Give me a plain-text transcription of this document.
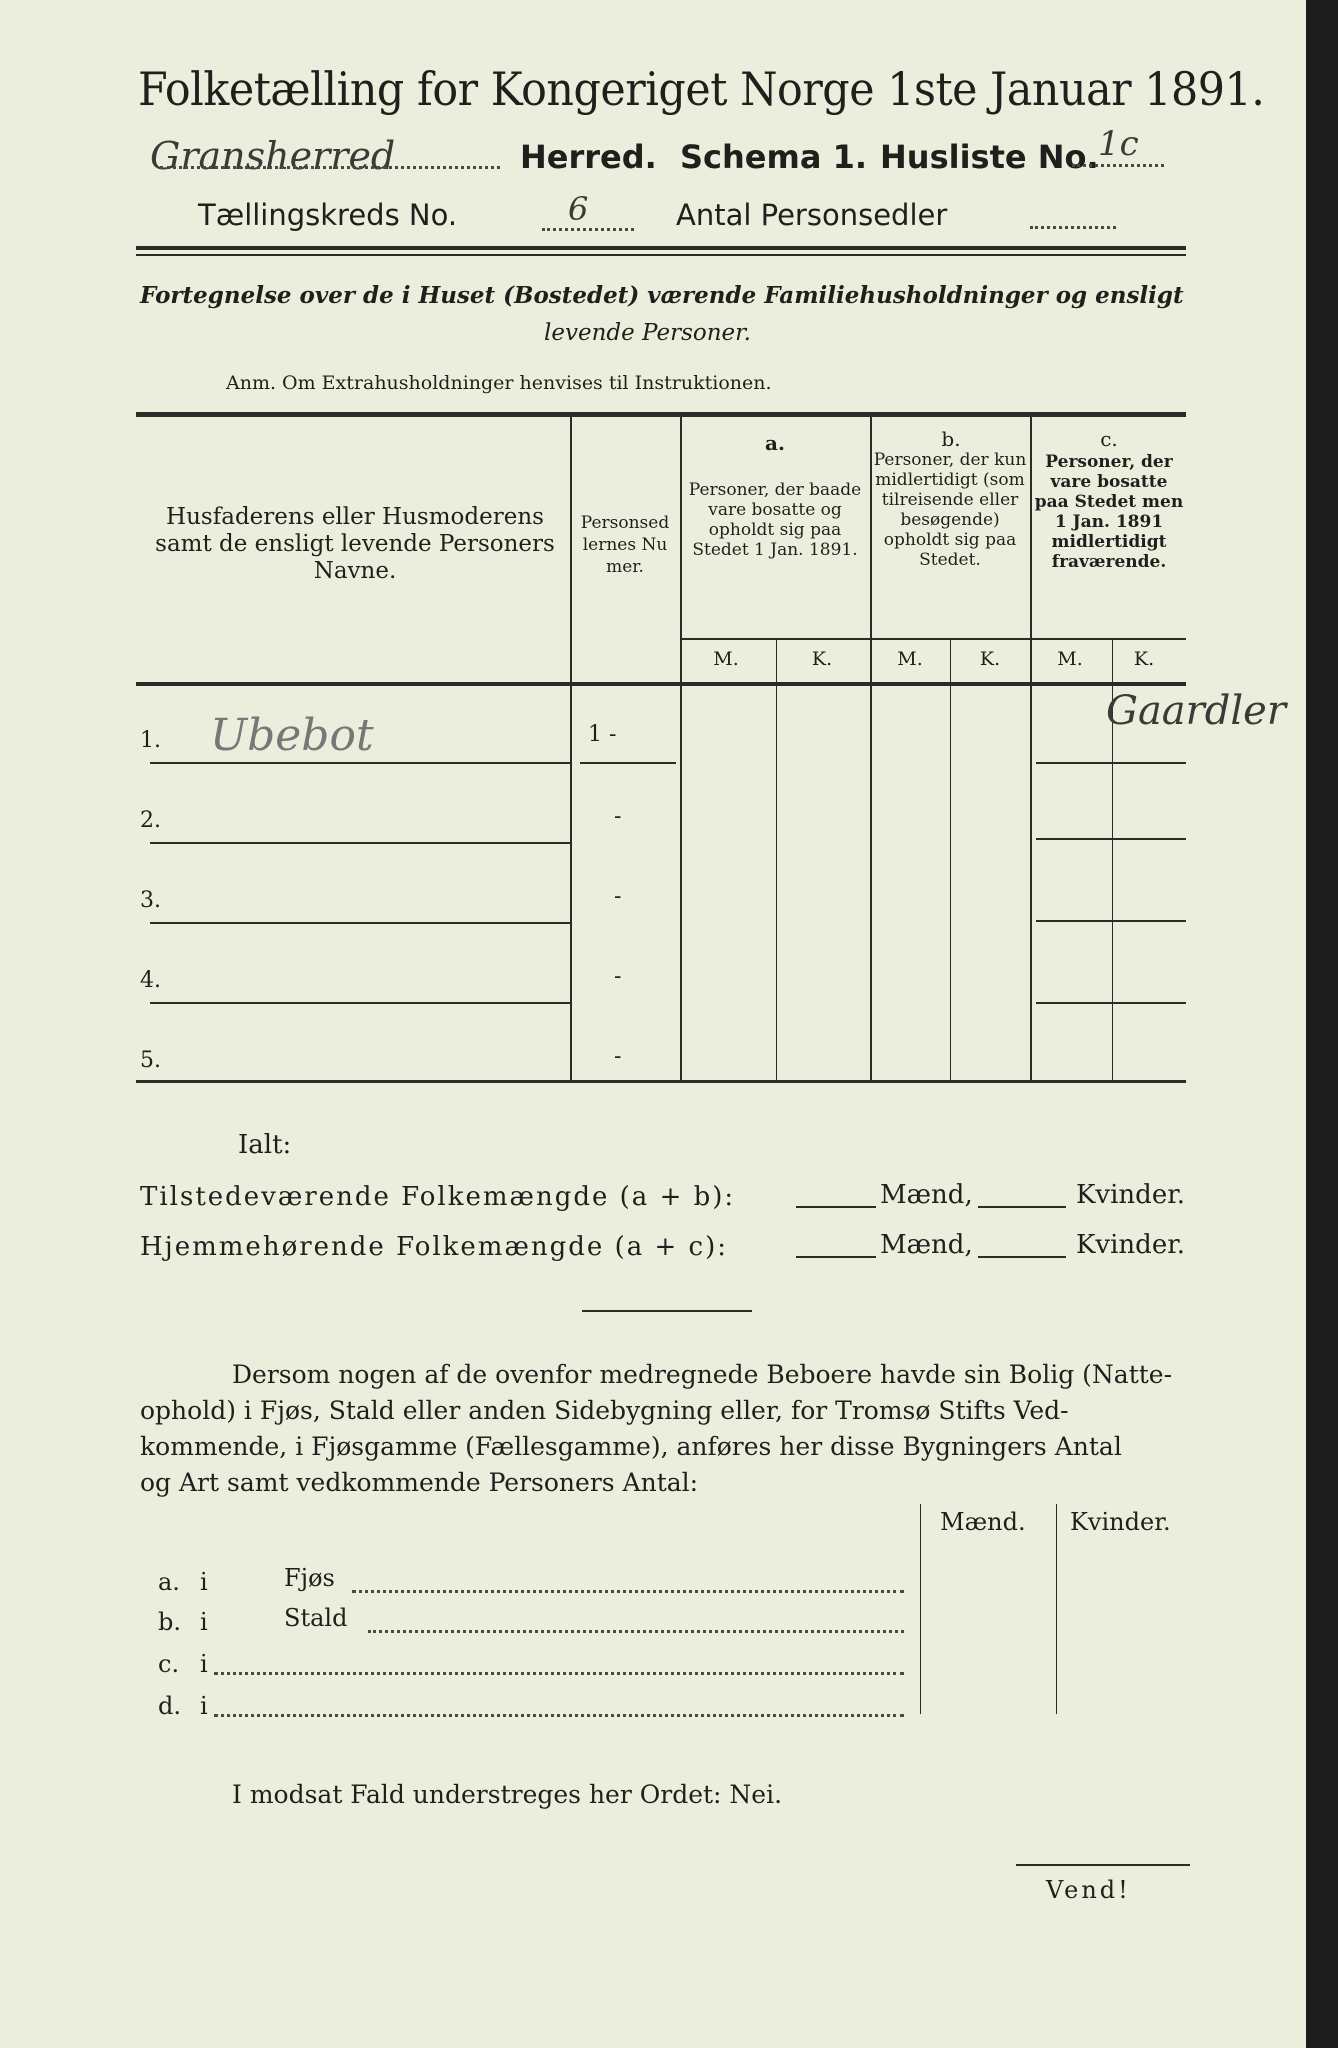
Folketælling for Kongeriget Norge 1ste Januar 1891.
Gransherred	Herred. Schema 1. Husliste No. 1c
Tællingskreds No.	6	Antal Personsedler
Fortegnelse over de i Huset (Bostedet) værende Familiehusholdninger og ensligt
levende Personer.
Anm. Om Extrahusholdninger henvises til Instruktionen.
Husfaderens eller Husmoderens samt de ensligt levende Personers Navne.
Personsedlernes Numer.
a.
Personer, der baade vare bosatte og opholdt sig paa Stedet 1 Jan. 1891.
b.
Personer, der kun midlertidigt (som tilreisende eller besøgende) opholdt sig paa Stedet.
c.
Personer, der vare bosatte paa Stedet men 1 Jan. 1891 midlertidigt fraværende.
M.	K.	M.	K.	M.	K.
1. Ubebot	1 -
Gaardler
2.	-
3.	-
4.	-
5.	-
Ialt:
Tilstedeværende Folkemængde (a + b):	Mænd,	Kvinder.
Hjemmehørende Folkemængde (a + c):	Mænd,	Kvinder.
Dersom nogen af de ovenfor medregnede Beboere havde sin Bolig (Natte-
ophold) i Fjøs, Stald eller anden Sidebygning eller, for Tromsø Stifts Ved-
kommende, i Fjøsgamme (Fællesgamme), anføres her disse Bygningers Antal
og Art samt vedkommende Personers Antal:
Mænd. Kvinder.
a. i	Fjøs
b. i	Stald
c. i
d. i
I modsat Fald understreges her Ordet: Nei.
Vend!
